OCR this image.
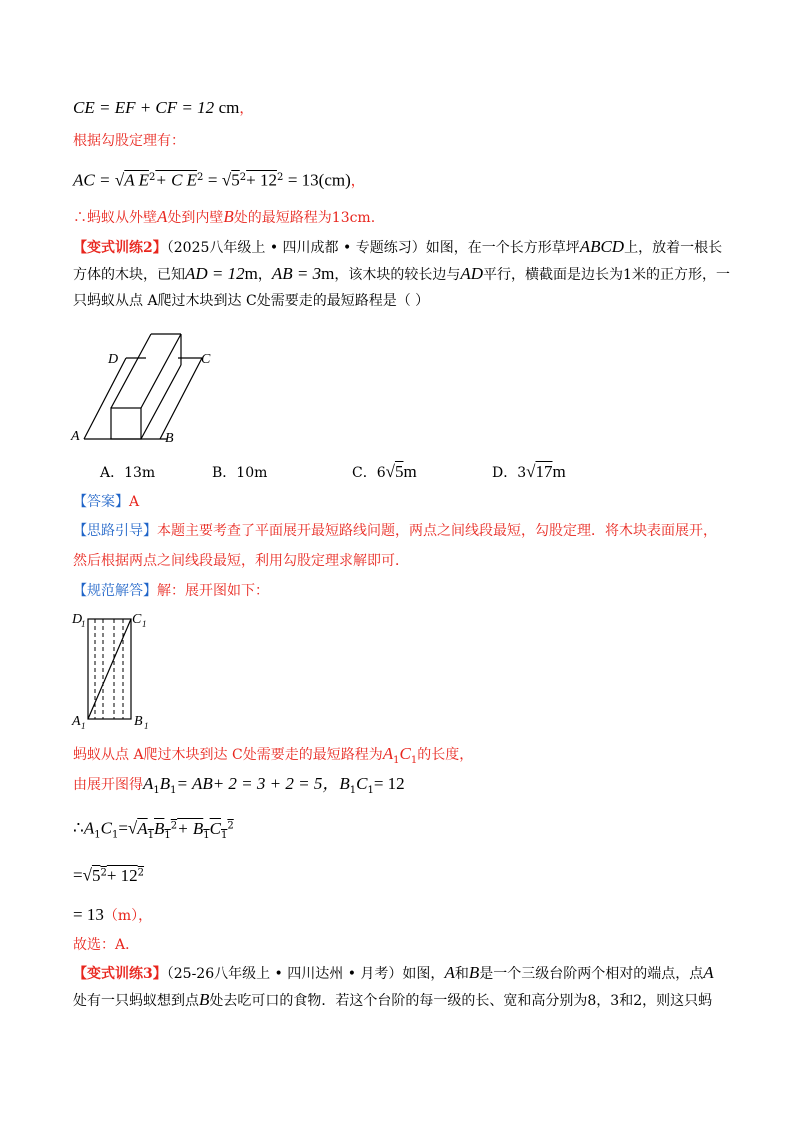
CE = EF + CF = 12 cm，
根据勾股定理有：
AC = √A $E^2+ C$ $E^2 = √5^2+ 12^2 = 13(cm)$，
∴蚂蚁从外壁A处到内壁B处的最短路程为13cm.
【变式训练2】（2025八年级上 • 四川成都 • 专题练习）如图，在一个长方形草坪ABCD上，放着一根长
方体的木块，已知AD = 12m，AB = 3m，该木块的较长边与AD平行，横截面是边长为1米的正方形，一
只蚂蚁从点 A爬过木块到达 C处需要走的最短路程是（ ）
A	B
D	C
A．13m	B．10m	C．6√5m	D．3√17m
【答案】A
【思路引导】本题主要考查了平面展开最短路线问题，两点之间线段最短，勾股定理．将木块表面展开，
然后根据两点之间线段最短，利用勾股定理求解即可．
【规范解答】解：展开图如下：
D
1	C 1
A 1	B 1
蚂蚁从点 A爬过木块到达 C处需要走的最短路程为$A_1C_1$的长度，
由展开图得$A_1B_1= AB+ 2 = 3 + 2 = 5$，$B_1C_1= 12$
$\therefore A_1C_1=√A_1B_1^2+ B_1C_1^2$
$=√5^2+ 12^2$
= 13（m），
故选：A．
【变式训练3】（25-26八年级上 • 四川达州 • 月考）如图，A和B是一个三级台阶两个相对的端点，点A
处有一只蚂蚁想到点B处去吃可口的食物．若这个台阶的每一级的长、宽和高分别为8，3和2，则这只蚂
